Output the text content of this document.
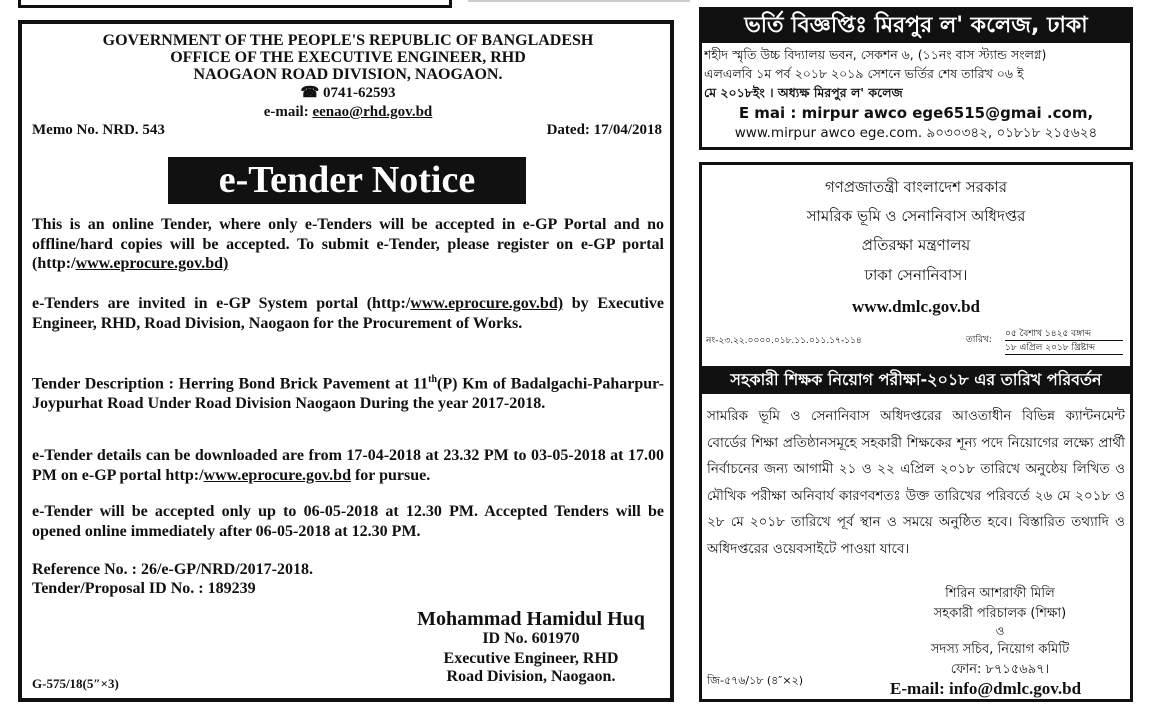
GOVERNMENT OF THE PEOPLE'S REPUBLIC OF BANGLADESH
OFFICE OF THE EXECUTIVE ENGINEER, RHD
NAOGAON ROAD DIVISION, NAOGAON.
☎ 0741-62593
e-mail: eenao@rhd.gov.bd
Memo No. NRD. 543	Dated: 17/04/2018
e-Tender Notice
This is an online Tender, where only e-Tenders will be accepted in e-GP Portal and no offline/hard copies will be accepted. To submit e-Tender, please register on e-GP portal (http:/www.eprocure.gov.bd)
e-Tenders are invited in e-GP System portal (http:/www.eprocure.gov.bd) by Executive Engineer, RHD, Road Division, Naogaon for the Procurement of Works.
Tender Description : Herring Bond Brick Pavement at 11th(P) Km of Badalgachi-Paharpur-Joypurhat Road Under Road Division Naogaon During the year 2017-2018.
e-Tender details can be downloaded are from 17-04-2018 at 23.32 PM to 03-05-2018 at 17.00 PM on e-GP portal http:/www.eprocure.gov.bd for pursue.
e-Tender will be accepted only up to 06-05-2018 at 12.30 PM. Accepted Tenders will be opened online immediately after 06-05-2018 at 12.30 PM.
Reference No. : 26/e-GP/NRD/2017-2018.
Tender/Proposal ID No. : 189239
Mohammad Hamidul Huq
ID No. 601970
Executive Engineer, RHD
Road Division, Naogaon.
G-575/18(5″×3)
ভর্তি বিজ্ঞপ্তিঃ মিরপুর ল' কলেজ, ঢাকা
শহীদ স্মৃতি উচ্চ বিদ্যালয় ভবন, সেকশন ৬, (১১নং বাস স্ট্যান্ড সংলগ্ন)
এলএলবি ১ম পর্ব ২০১৮ ২০১৯ সেশনে ভর্তির শেষ তারিখ ০৬ ই
মে ২০১৮ইং । অধ্যক্ষ মিরপুর ল' কলেজ
E mai : mirpur awco ege6515@gmai .com,
www.mirpur awco ege.com. ৯০৩০৩৪২, ০১৮১৮ ২১৫৬২৪
গণপ্রজাতন্ত্রী বাংলাদেশ সরকার
সামরিক ভূমি ও সেনানিবাস অধিদপ্তর
প্রতিরক্ষা মন্ত্রণালয়
ঢাকা সেনানিবাস।
www.dmlc.gov.bd
নং-২৩.২২.০০০০.০১৮.১১.০১১.১৭-১১৪	তারিখ:
০৫ বৈশাখ ১৪২৫ বঙ্গাব্দ
১৮ এপ্রিল ২০১৮ খ্রিষ্টাব্দ
সহকারী শিক্ষক নিয়োগ পরীক্ষা-২০১৮ এর তারিখ পরিবর্তন
সামরিক ভূমি ও সেনানিবাস অধিদপ্তরের আওতাধীন বিভিন্ন ক্যান্টনমেন্ট বোর্ডের শিক্ষা প্রতিষ্ঠানসমূহে সহকারী শিক্ষকের শূন্য পদে নিয়োগের লক্ষ্যে প্রার্থী নির্বাচনের জন্য আগামী ২১ ও ২২ এপ্রিল ২০১৮ তারিখে অনুষ্ঠেয় লিখিত ও মৌখিক পরীক্ষা অনিবার্য কারণবশতঃ উক্ত তারিখের পরিবর্তে ২৬ মে ২০১৮ ও ২৮ মে ২০১৮ তারিখে পূর্ব স্থান ও সময়ে অনুষ্ঠিত হবে। বিস্তারিত তথ্যাদি ও অধিদপ্তরের ওয়েবসাইটে পাওয়া যাবে।
শিরিন আশরাফী মিলি
সহকারী পরিচালক (শিক্ষা)
ও
সদস্য সচিব, নিয়োগ কমিটি
ফোন: ৮৭১৫৬৯৭।
জি-৫৭৬/১৮ (৪″×২)	E-mail: info@dmlc.gov.bd
